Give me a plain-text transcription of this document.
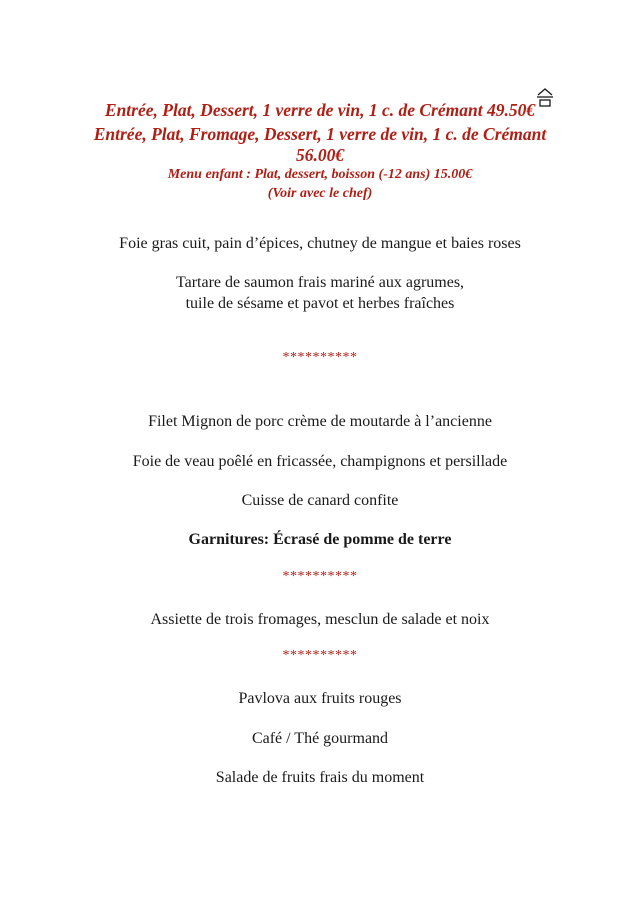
Entrée, Plat, Dessert, 1 verre de vin, 1 c. de Crémant 49.50€
Entrée, Plat, Fromage, Dessert, 1 verre de vin, 1 c. de Crémant
56.00€
Menu enfant : Plat, dessert, boisson (-12 ans) 15.00€
(Voir avec le chef)
Foie gras cuit, pain d’épices, chutney de mangue et baies roses
Tartare de saumon frais mariné aux agrumes,
tuile de sésame et pavot et herbes fraîches
**********
Filet Mignon de porc crème de moutarde à l’ancienne
Foie de veau poêlé en fricassée, champignons et persillade
Cuisse de canard confite
Garnitures: Écrasé de pomme de terre
**********
Assiette de trois fromages, mesclun de salade et noix
**********
Pavlova aux fruits rouges
Café / Thé gourmand
Salade de fruits frais du moment
